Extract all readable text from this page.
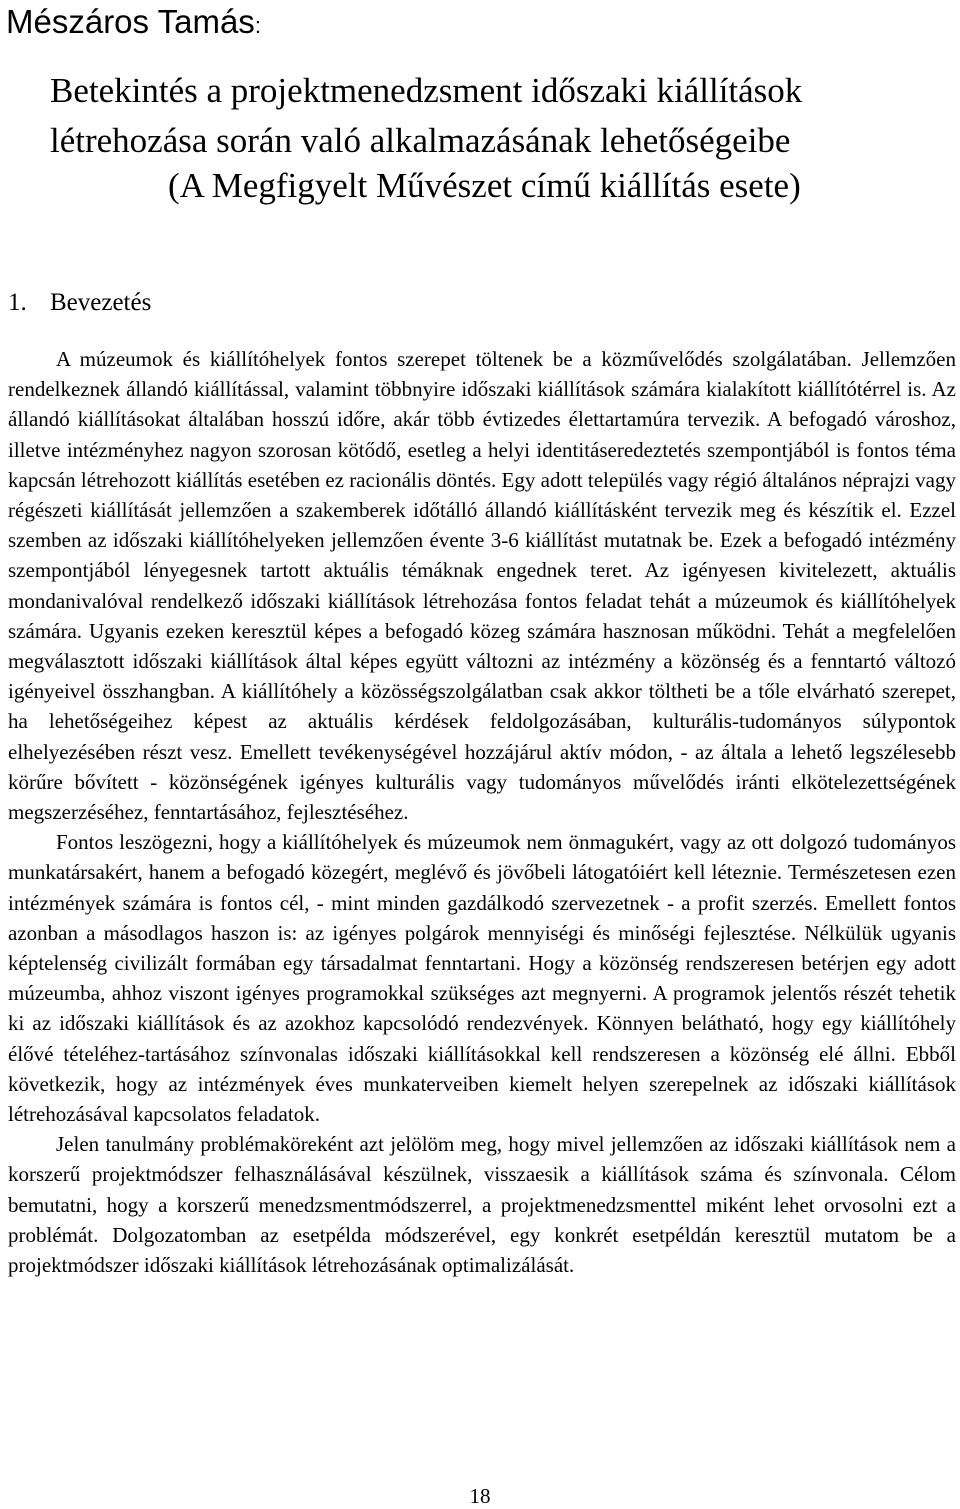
Mészáros Tamás:
Betekintés a projektmenedzsment időszaki kiállítások létrehozása során való alkalmazásának lehetőségeibe
(A Megfigyelt Művészet című kiállítás esete)
1. Bevezetés

A múzeumok és kiállítóhelyek fontos szerepet töltenek be a közművelődés szolgálatában. Jellemzően rendelkeznek állandó kiállítással, valamint többnyire időszaki kiállítások számára kialakított kiállítótérrel is. Az állandó kiállításokat általában hosszú időre, akár több évtizedes élettartamúra tervezik. A befogadó városhoz, illetve intézményhez nagyon szorosan kötődő, esetleg a helyi identitáseredeztetés szempontjából is fontos téma kapcsán létrehozott kiállítás esetében ez racionális döntés. Egy adott település vagy régió általános néprajzi vagy régészeti kiállítását jellemzően a szakemberek időtálló állandó kiállításként tervezik meg és készítik el. Ezzel szemben az időszaki kiállítóhelyeken jellemzően évente 3-6 kiállítást mutatnak be. Ezek a befogadó intézmény szempontjából lényegesnek tartott aktuális témáknak engednek teret. Az igényesen kivitelezett, aktuális mondanivalóval rendelkező időszaki kiállítások létrehozása fontos feladat tehát a múzeumok és kiállítóhelyek számára. Ugyanis ezeken keresztül képes a befogadó közeg számára hasznosan működni. Tehát a megfelelően megválasztott időszaki kiállítások által képes együtt változni az intézmény a közönség és a fenntartó változó igényeivel összhangban. A kiállítóhely a közösségszolgálatban csak akkor töltheti be a tőle elvárható szerepet, ha lehetőségeihez képest az aktuális kérdések feldolgozásában, kulturális-tudományos súlypontok elhelyezésében részt vesz. Emellett tevékenységével hozzájárul aktív módon, - az általa a lehető legszélesebb körűre bővített - közönségének igényes kulturális vagy tudományos művelődés iránti elkötelezettségének megszerzéséhez, fenntartásához, fejlesztéséhez.

Fontos leszögezni, hogy a kiállítóhelyek és múzeumok nem önmagukért, vagy az ott dolgozó tudományos munkatársakért, hanem a befogadó közegért, meglévő és jövőbeli látogatóiért kell léteznie. Természetesen ezen intézmények számára is fontos cél, - mint minden gazdálkodó szervezetnek - a profit szerzés. Emellett fontos azonban a másodlagos haszon is: az igényes polgárok mennyiségi és minőségi fejlesztése. Nélkülük ugyanis képtelenség civilizált formában egy társadalmat fenntartani. Hogy a közönség rendszeresen betérjen egy adott múzeumba, ahhoz viszont igényes programokkal szükséges azt megnyerni. A programok jelentős részét tehetik ki az időszaki kiállítások és az azokhoz kapcsolódó rendezvények. Könnyen belátható, hogy egy kiállítóhely élővé tételéhez-tartásához színvonalas időszaki kiállításokkal kell rendszeresen a közönség elé állni. Ebből következik, hogy az intézmények éves munkaterveiben kiemelt helyen szerepelnek az időszaki kiállítások létrehozásával kapcsolatos feladatok.

Jelen tanulmány problémaköreként azt jelölöm meg, hogy mivel jellemzően az időszaki kiállítások nem a korszerű projektmódszer felhasználásával készülnek, visszaesik a kiállítások száma és színvonala. Célom bemutatni, hogy a korszerű menedzsmentmódszerrel, a projektmenedzsmenttel miként lehet orvosolni ezt a problémát. Dolgozatomban az esetpélda módszerével, egy konkrét esetpéldán keresztül mutatom be a projektmódszer időszaki kiállítások létrehozásának optimalizálását.

18
